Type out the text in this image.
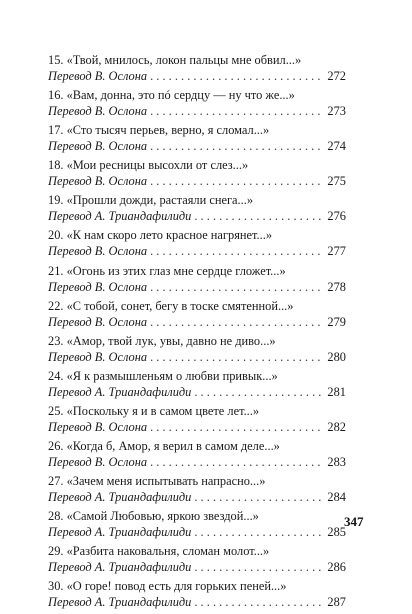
15. «Твой, мнилось, локон пальцы мне обвил...»
Перевод В. Ослона . . .	272
16. «Вам, донна, это пó сердцу — ну что же...»
Перевод В. Ослона . . .	273
17. «Сто тысяч перьев, верно, я сломал...»
Перевод В. Ослона . . .	274
18. «Мои ресницы высохли от слез...»
Перевод В. Ослона . . .	275
19. «Прошли дожди, растаяли снега...»
Перевод А. Триандафилиди . . .	276
20. «К нам скоро лето красное нагрянет...»
Перевод В. Ослона . . .	277
21. «Огонь из этих глаз мне сердце гложет...»
Перевод В. Ослона . . .	278
22. «С тобой, сонет, бегу в тоске смятенной...»
Перевод В. Ослона . . .	279
23. «Амор, твой лук, увы, давно не диво...»
Перевод В. Ослона . . .	280
24. «Я к размышленьям о любви привык...»
Перевод А. Триандафилиди . . .	281
25. «Поскольку я и в самом цвете лет...»
Перевод В. Ослона . . .	282
26. «Когда б, Амор, я верил в самом деле...»
Перевод В. Ослона . . .	283
27. «Зачем меня испытывать напрасно...»
Перевод А. Триандафилиди . . .	284
28. «Самой Любовью, яркою звездой...»
Перевод А. Триандафилиди . . .	285
29. «Разбита наковальня, сломан молот...»
Перевод А. Триандафилиди . . .	286
30. «О горе! повод есть для горьких пеней...»
Перевод А. Триандафилиди . . .	287
347
